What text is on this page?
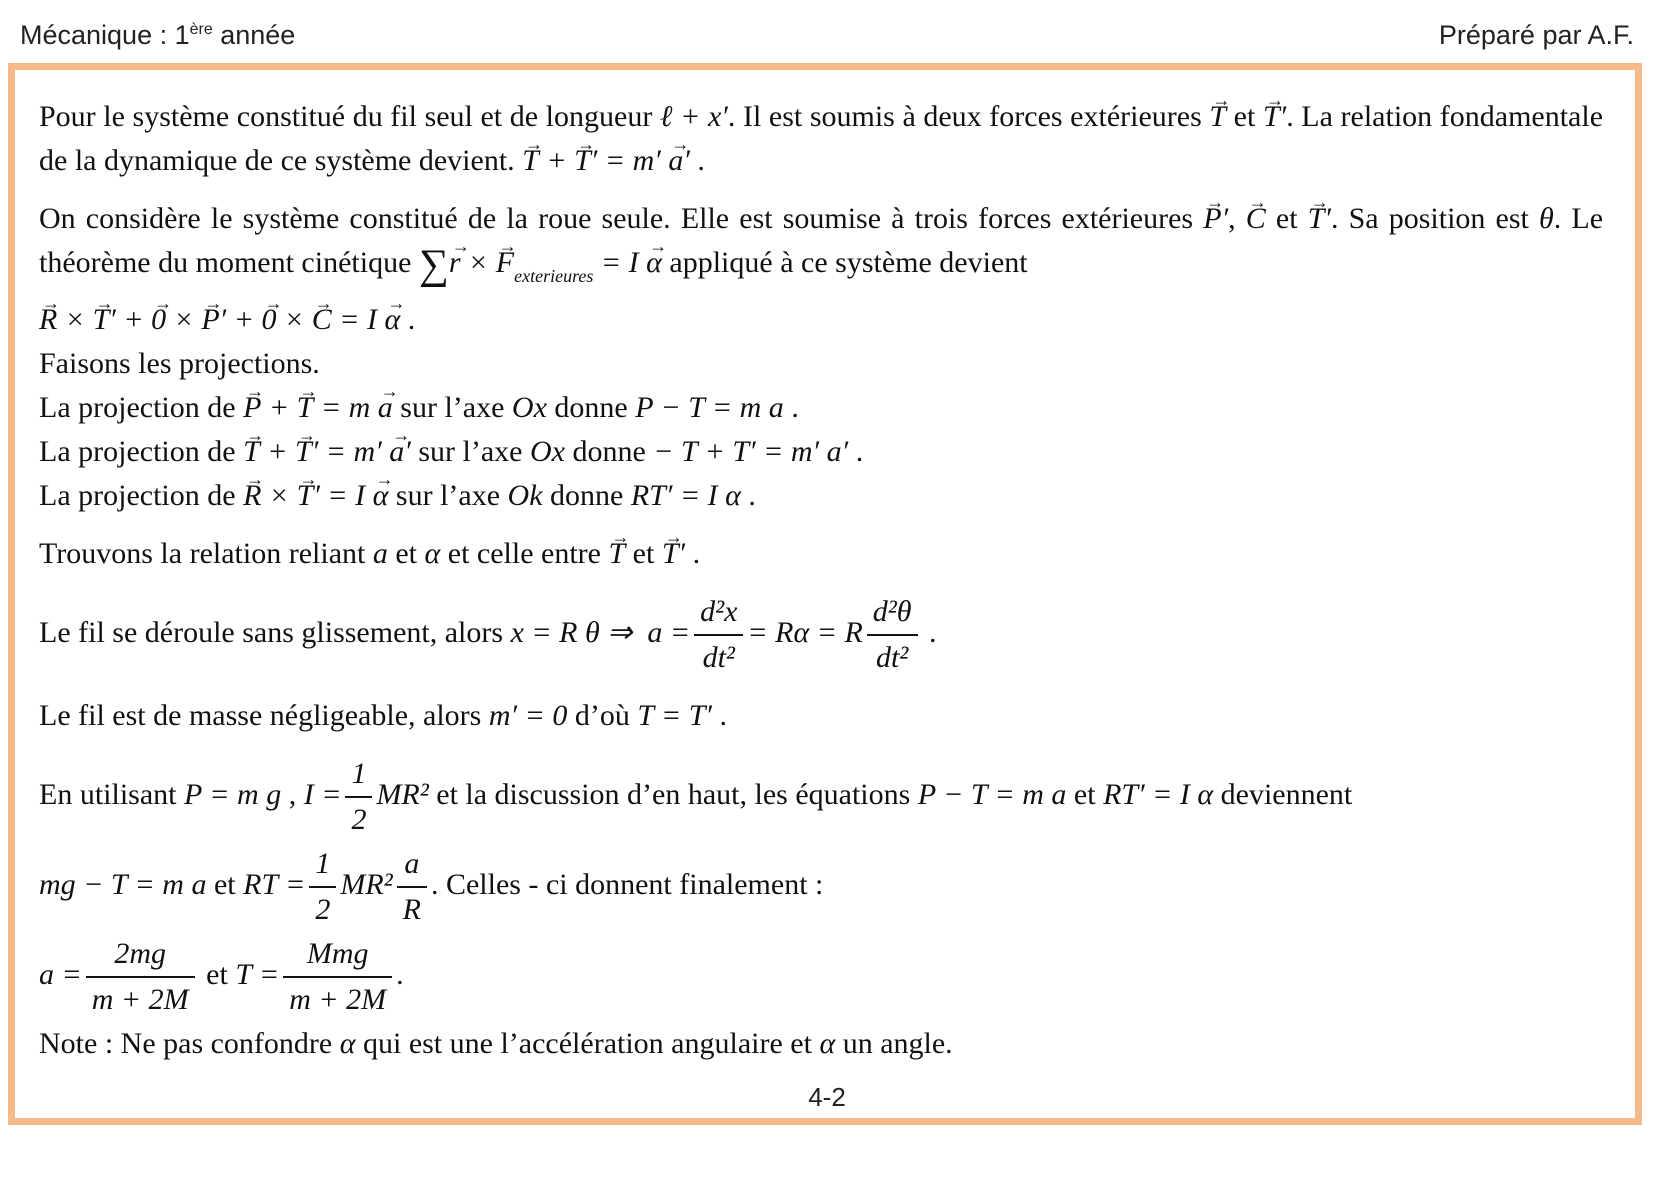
Mécanique : 1ère année	Préparé par A.F.

Pour le système constitué du fil seul et de longueur ℓ + x′. Il est soumis à deux forces extérieures → T et → T′. La relation fondamentale de la dynamique de ce système devient. → T + → T′ = m′ → a′ .

On considère le système constitué de la roue seule. Elle est soumise à trois forces extérieures → P′, → C et → T′. Sa position est θ. Le théorème du moment cinétique ∑→ r × → $F_{exterieures} = I \to \alpha$ appliqué à ce système devient
→ R × → T′ + → 0 × → P′ + → 0 × → C = I → α .

Faisons les projections.

La projection de → P + → T = m → a sur l’axe Ox donne P − T = m a .

La projection de → T + → T′ = m′ → a′ sur l’axe Ox donne − T + T′ = m′ a′ .

La projection de → R × → T′ = I → α sur l’axe Ok donne RT′ = I α .

Trouvons la relation reliant a et α et celle entre → T et → T′ .

Le fil se déroule sans glissement, alors x = R θ ⇒  $a = \frac{\text{d²x}}{\text{dt²}} = R\alpha = R \frac{\text{d²θ}}{\text{dt²}}$ .

Le fil est de masse négligeable, alors m′ = 0 d’où T = T′ .

En utilisant P = m g , $I = \frac{1}{2} MR^2$ et la discussion d’en haut, les équations P − T = m a et RT′ = I α deviennent

mg − T = m a et RT = $\frac{1}{2} MR^2 \frac{a}{R}$ . Celles - ci donnent finalement :

$a = \frac{2mg}{m + 2M}$ et $T = \frac{\text{Mmg}}{m + 2M}$ .

Note : Ne pas confondre α qui est une l’accélération angulaire et α un angle.

4-2
